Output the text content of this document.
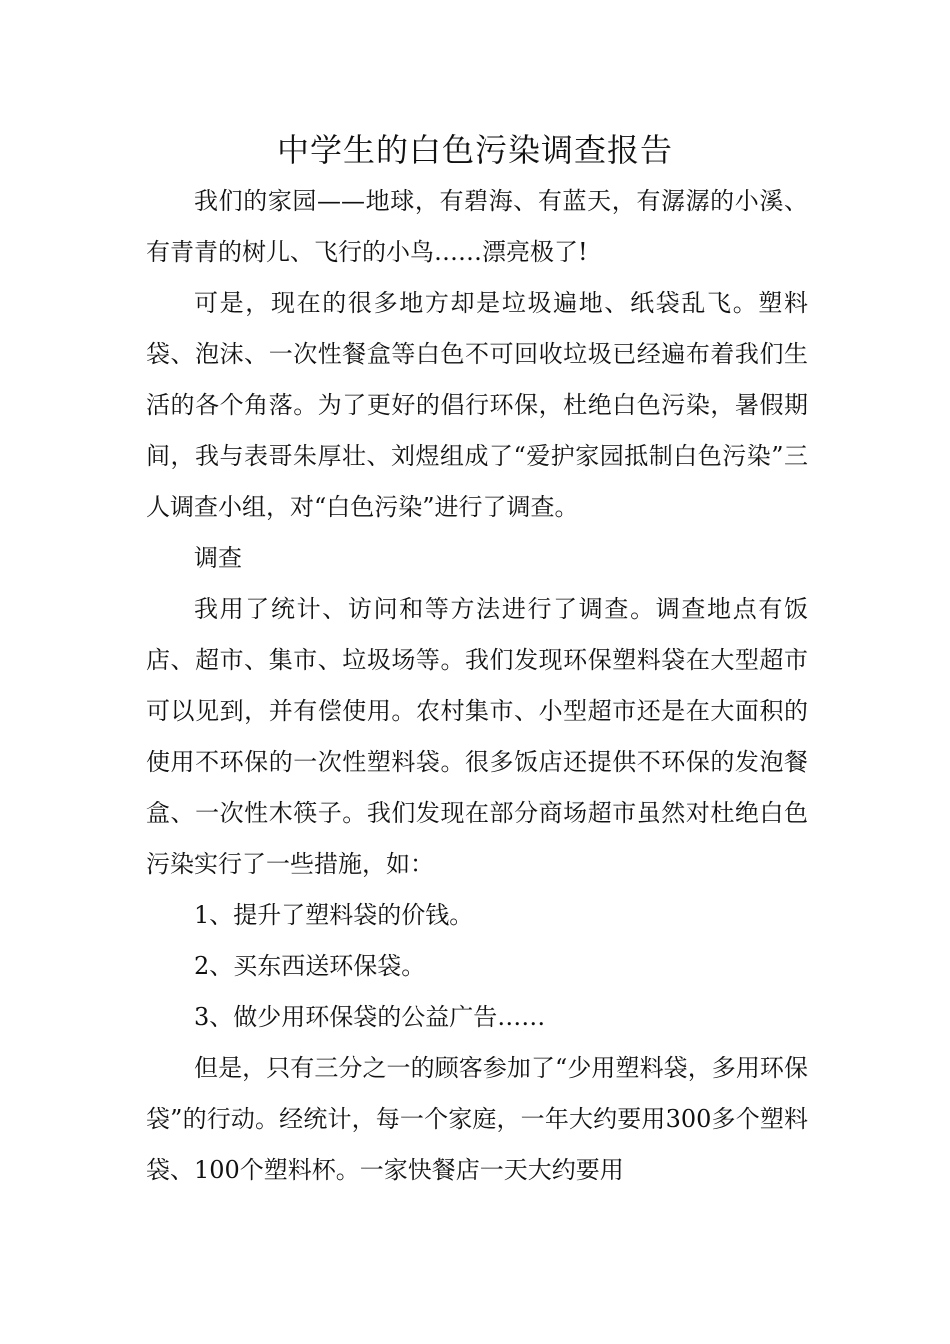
中学生的白色污染调查报告

我们的家园——地球，有碧海、有蓝天，有潺潺的小溪、有青青的树儿、飞行的小鸟……漂亮极了!

可是，现在的很多地方却是垃圾遍地、纸袋乱飞。塑料袋、泡沫、一次性餐盒等白色不可回收垃圾已经遍布着我们生活的各个角落。为了更好的倡行环保，杜绝白色污染，暑假期间，我与表哥朱厚壮、刘煜组成了“爱护家园抵制白色污染”三人调查小组，对“白色污染”进行了调查。

调查

我用了统计、访问和等方法进行了调查。调查地点有饭店、超市、集市、垃圾场等。我们发现环保塑料袋在大型超市可以见到，并有偿使用。农村集市、小型超市还是在大面积的使用不环保的一次性塑料袋。很多饭店还提供不环保的发泡餐盒、一次性木筷子。我们发现在部分商场超市虽然对杜绝白色污染实行了一些措施，如：

1、提升了塑料袋的价钱。

2、买东西送环保袋。

3、做少用环保袋的公益广告……

但是，只有三分之一的顾客参加了“少用塑料袋，多用环保袋”的行动。经统计，每一个家庭，一年大约要用300多个塑料袋、100个塑料杯。一家快餐店一天大约要用
